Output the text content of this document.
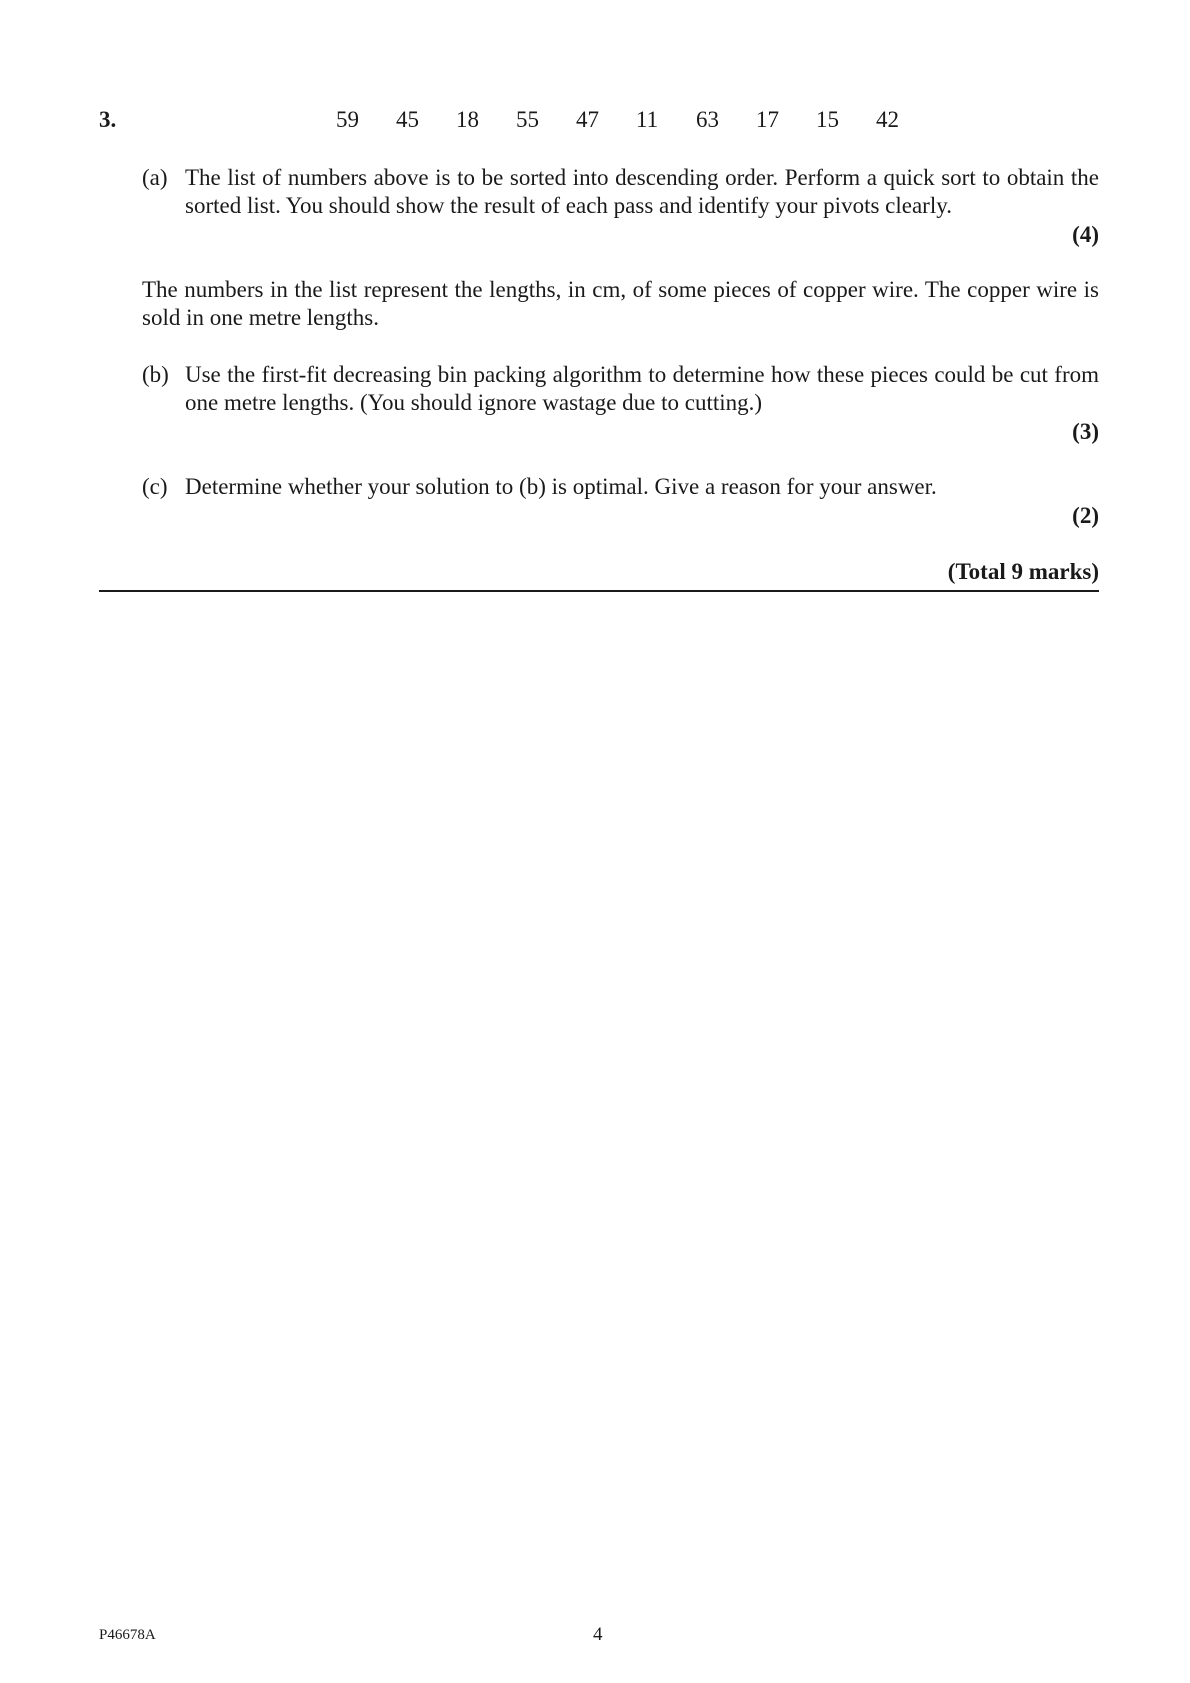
3.	59	45	18	55	47	11	63	17	15	42
(a) The list of numbers above is to be sorted into descending order. Perform a quick sort to obtain the sorted list. You should show the result of each pass and identify your pivots clearly.
(4)
The numbers in the list represent the lengths, in cm, of some pieces of copper wire. The copper wire is sold in one metre lengths.
(b) Use the first-fit decreasing bin packing algorithm to determine how these pieces could be cut from one metre lengths. (You should ignore wastage due to cutting.)
(3)
(c) Determine whether your solution to (b) is optimal. Give a reason for your answer.
(2)
(Total 9 marks)
P46678A	4
